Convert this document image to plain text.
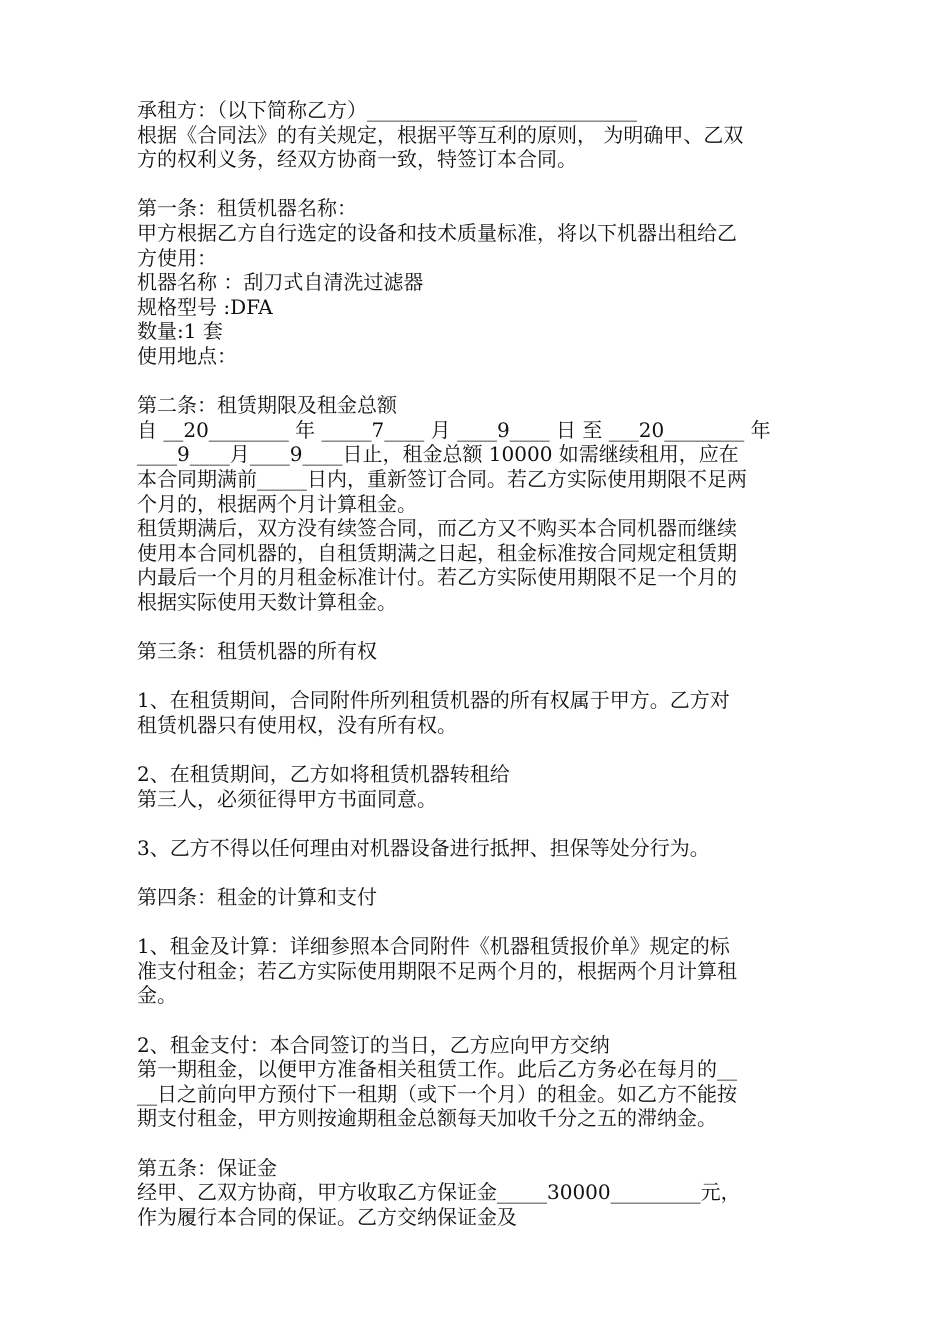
承租方：（以下简称乙方）___________________________

根据《合同法》的有关规定，根据平等互利的原则， 为明确甲、乙双

方的权利义务，经双方协商一致，特签订本合同。

第一条：租赁机器名称：

甲方根据乙方自行选定的设备和技术质量标准，将以下机器出租给乙

方使用：

机器名称 ：刮刀式自清洗过滤器

规格型号 :DFA

数量:1 套

使用地点：

第二条：租赁期限及租金总额

自 __20________ 年 _____7____ 月 ____9____ 日 至 ___20________ 年

____9____月____9____日止，租金总额 10000 如需继续租用，应在

本合同期满前_____日内，重新签订合同。若乙方实际使用期限不足两

个月的，根据两个月计算租金。

租赁期满后，双方没有续签合同，而乙方又不购买本合同机器而继续

使用本合同机器的，自租赁期满之日起，租金标准按合同规定租赁期

内最后一个月的月租金标准计付。若乙方实际使用期限不足一个月的

根据实际使用天数计算租金。

第三条：租赁机器的所有权

1、在租赁期间，合同附件所列租赁机器的所有权属于甲方。乙方对

租赁机器只有使用权，没有所有权。

2、在租赁期间，乙方如将租赁机器转租给

第三人，必须征得甲方书面同意。

3、乙方不得以任何理由对机器设备进行抵押、担保等处分行为。

第四条：租金的计算和支付

1、租金及计算：详细参照本合同附件《机器租赁报价单》规定的标

准支付租金；若乙方实际使用期限不足两个月的，根据两个月计算租

金。

2、租金支付：本合同签订的当日，乙方应向甲方交纳

第一期租金，以便甲方准备相关租赁工作。此后乙方务必在每月的__

__日之前向甲方预付下一租期（或下一个月）的租金。如乙方不能按

期支付租金，甲方则按逾期租金总额每天加收千分之五的滞纳金。

第五条：保证金

经甲、乙双方协商，甲方收取乙方保证金_____30000_________元，

作为履行本合同的保证。乙方交纳保证金及
